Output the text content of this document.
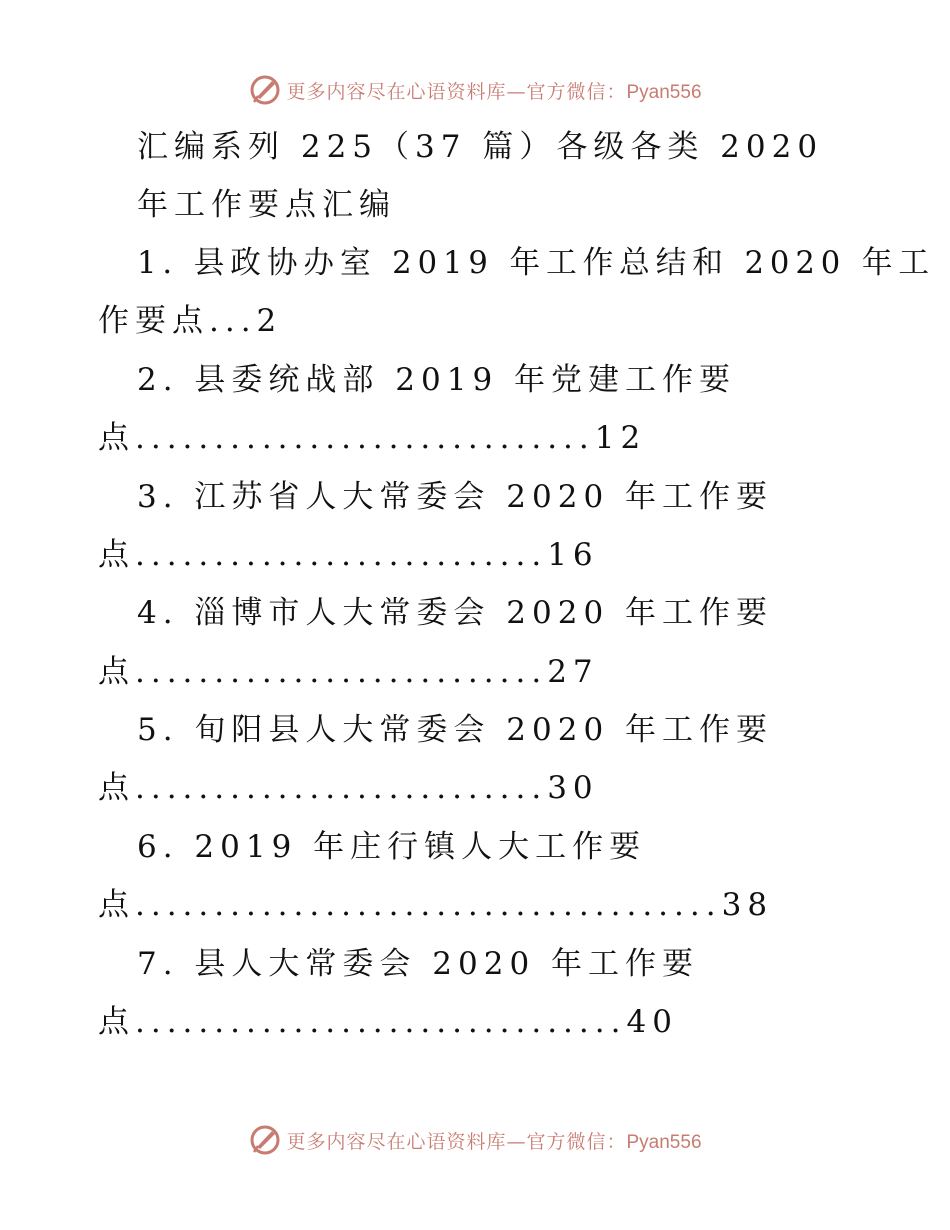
更多内容尽在心语资料库—官方微信：Pyan556
汇编系列 225（37 篇）各级各类 2020
年工作要点汇编
1. 县政协办室 2019 年工作总结和 2020 年工
作要点...2
2. 县委统战部 2019 年党建工作要
点.............................12
3. 江苏省人大常委会 2020 年工作要
点..........................16
4. 淄博市人大常委会 2020 年工作要
点..........................27
5. 旬阳县人大常委会 2020 年工作要
点..........................30
6. 2019 年庄行镇人大工作要
点.....................................38
7. 县人大常委会 2020 年工作要
点...............................40
更多内容尽在心语资料库—官方微信：Pyan556
